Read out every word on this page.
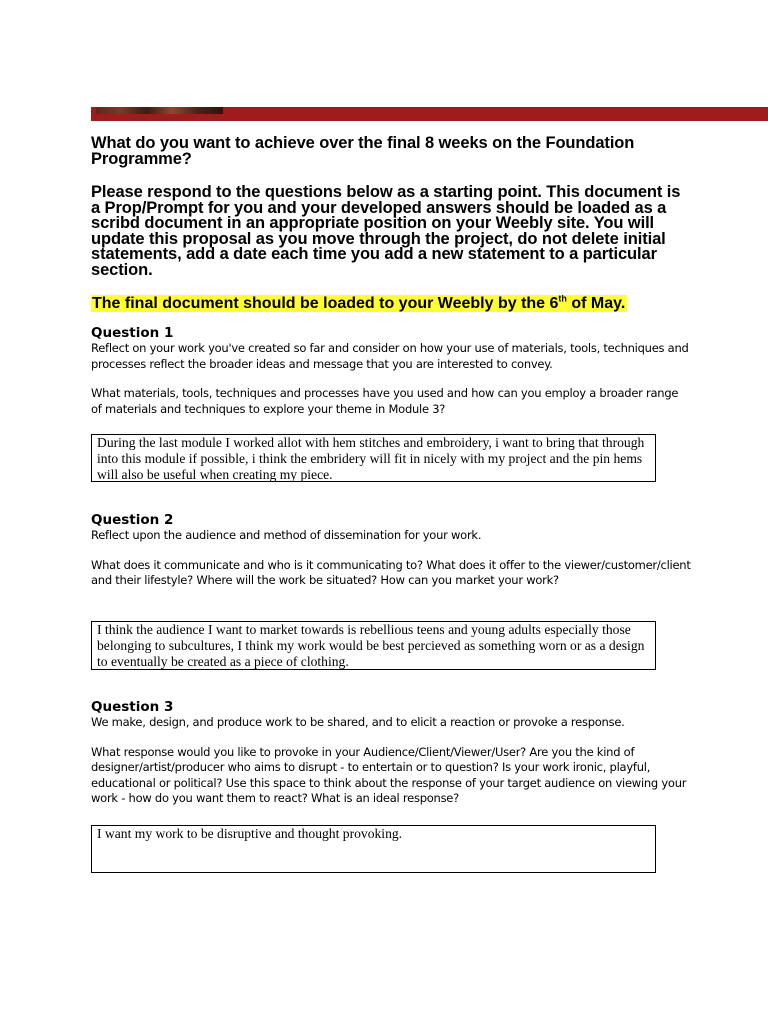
What do you want to achieve over the final 8 weeks on the Foundation Programme?

Please respond to the questions below as a starting point. This document is a Prop/Prompt for you and your developed answers should be loaded as a scribd document in an appropriate position on your Weebly site. You will update this proposal as you move through the project, do not delete initial statements, add a date each time you add a new statement to a particular section.

The final document should be loaded to your Weebly by the 6th of May.

Question 1

Reflect on your work you've created so far and consider on how your use of materials, tools, techniques and processes reflect the broader ideas and message that you are interested to convey.

What materials, tools, techniques and processes have you used and how can you employ a broader range of materials and techniques to explore your theme in Module 3?

During the last module I worked allot with hem stitches and embroidery, i want to bring that through into this module if possible, i think the embridery will fit in nicely with my project and the pin hems will also be useful when creating my piece.

Question 2

Reflect upon the audience and method of dissemination for your work.

What does it communicate and who is it communicating to? What does it offer to the viewer/customer/client and their lifestyle? Where will the work be situated? How can you market your work?

I think the audience I want to market towards is rebellious teens and young adults especially those belonging to subcultures, I think my work would be best percieved as something worn or as a design to eventually be created as a piece of clothing.

Question 3

We make, design, and produce work to be shared, and to elicit a reaction or provoke a response.

What response would you like to provoke in your Audience/Client/Viewer/User? Are you the kind of designer/artist/producer who aims to disrupt - to entertain or to question? Is your work ironic, playful, educational or political? Use this space to think about the response of your target audience on viewing your work - how do you want them to react? What is an ideal response?

I want my work to be disruptive and thought provoking.
